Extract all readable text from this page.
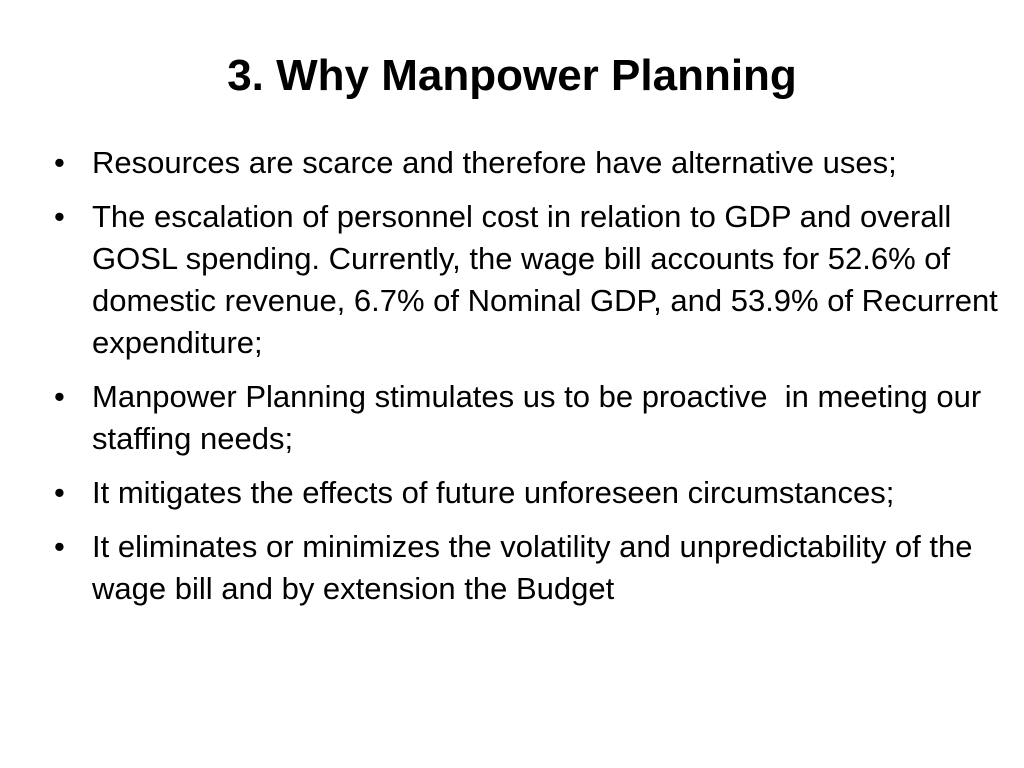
3. Why Manpower Planning
• Resources are scarce and therefore have alternative uses;
• The escalation of personnel cost in relation to GDP and overall GOSL spending. Currently, the wage bill accounts for 52.6% of domestic revenue, 6.7% of Nominal GDP, and 53.9% of Recurrent expenditure;
• Manpower Planning stimulates us to be proactive  in meeting our staffing needs;
• It mitigates the effects of future unforeseen circumstances;
• It eliminates or minimizes the volatility and unpredictability of the wage bill and by extension the Budget
